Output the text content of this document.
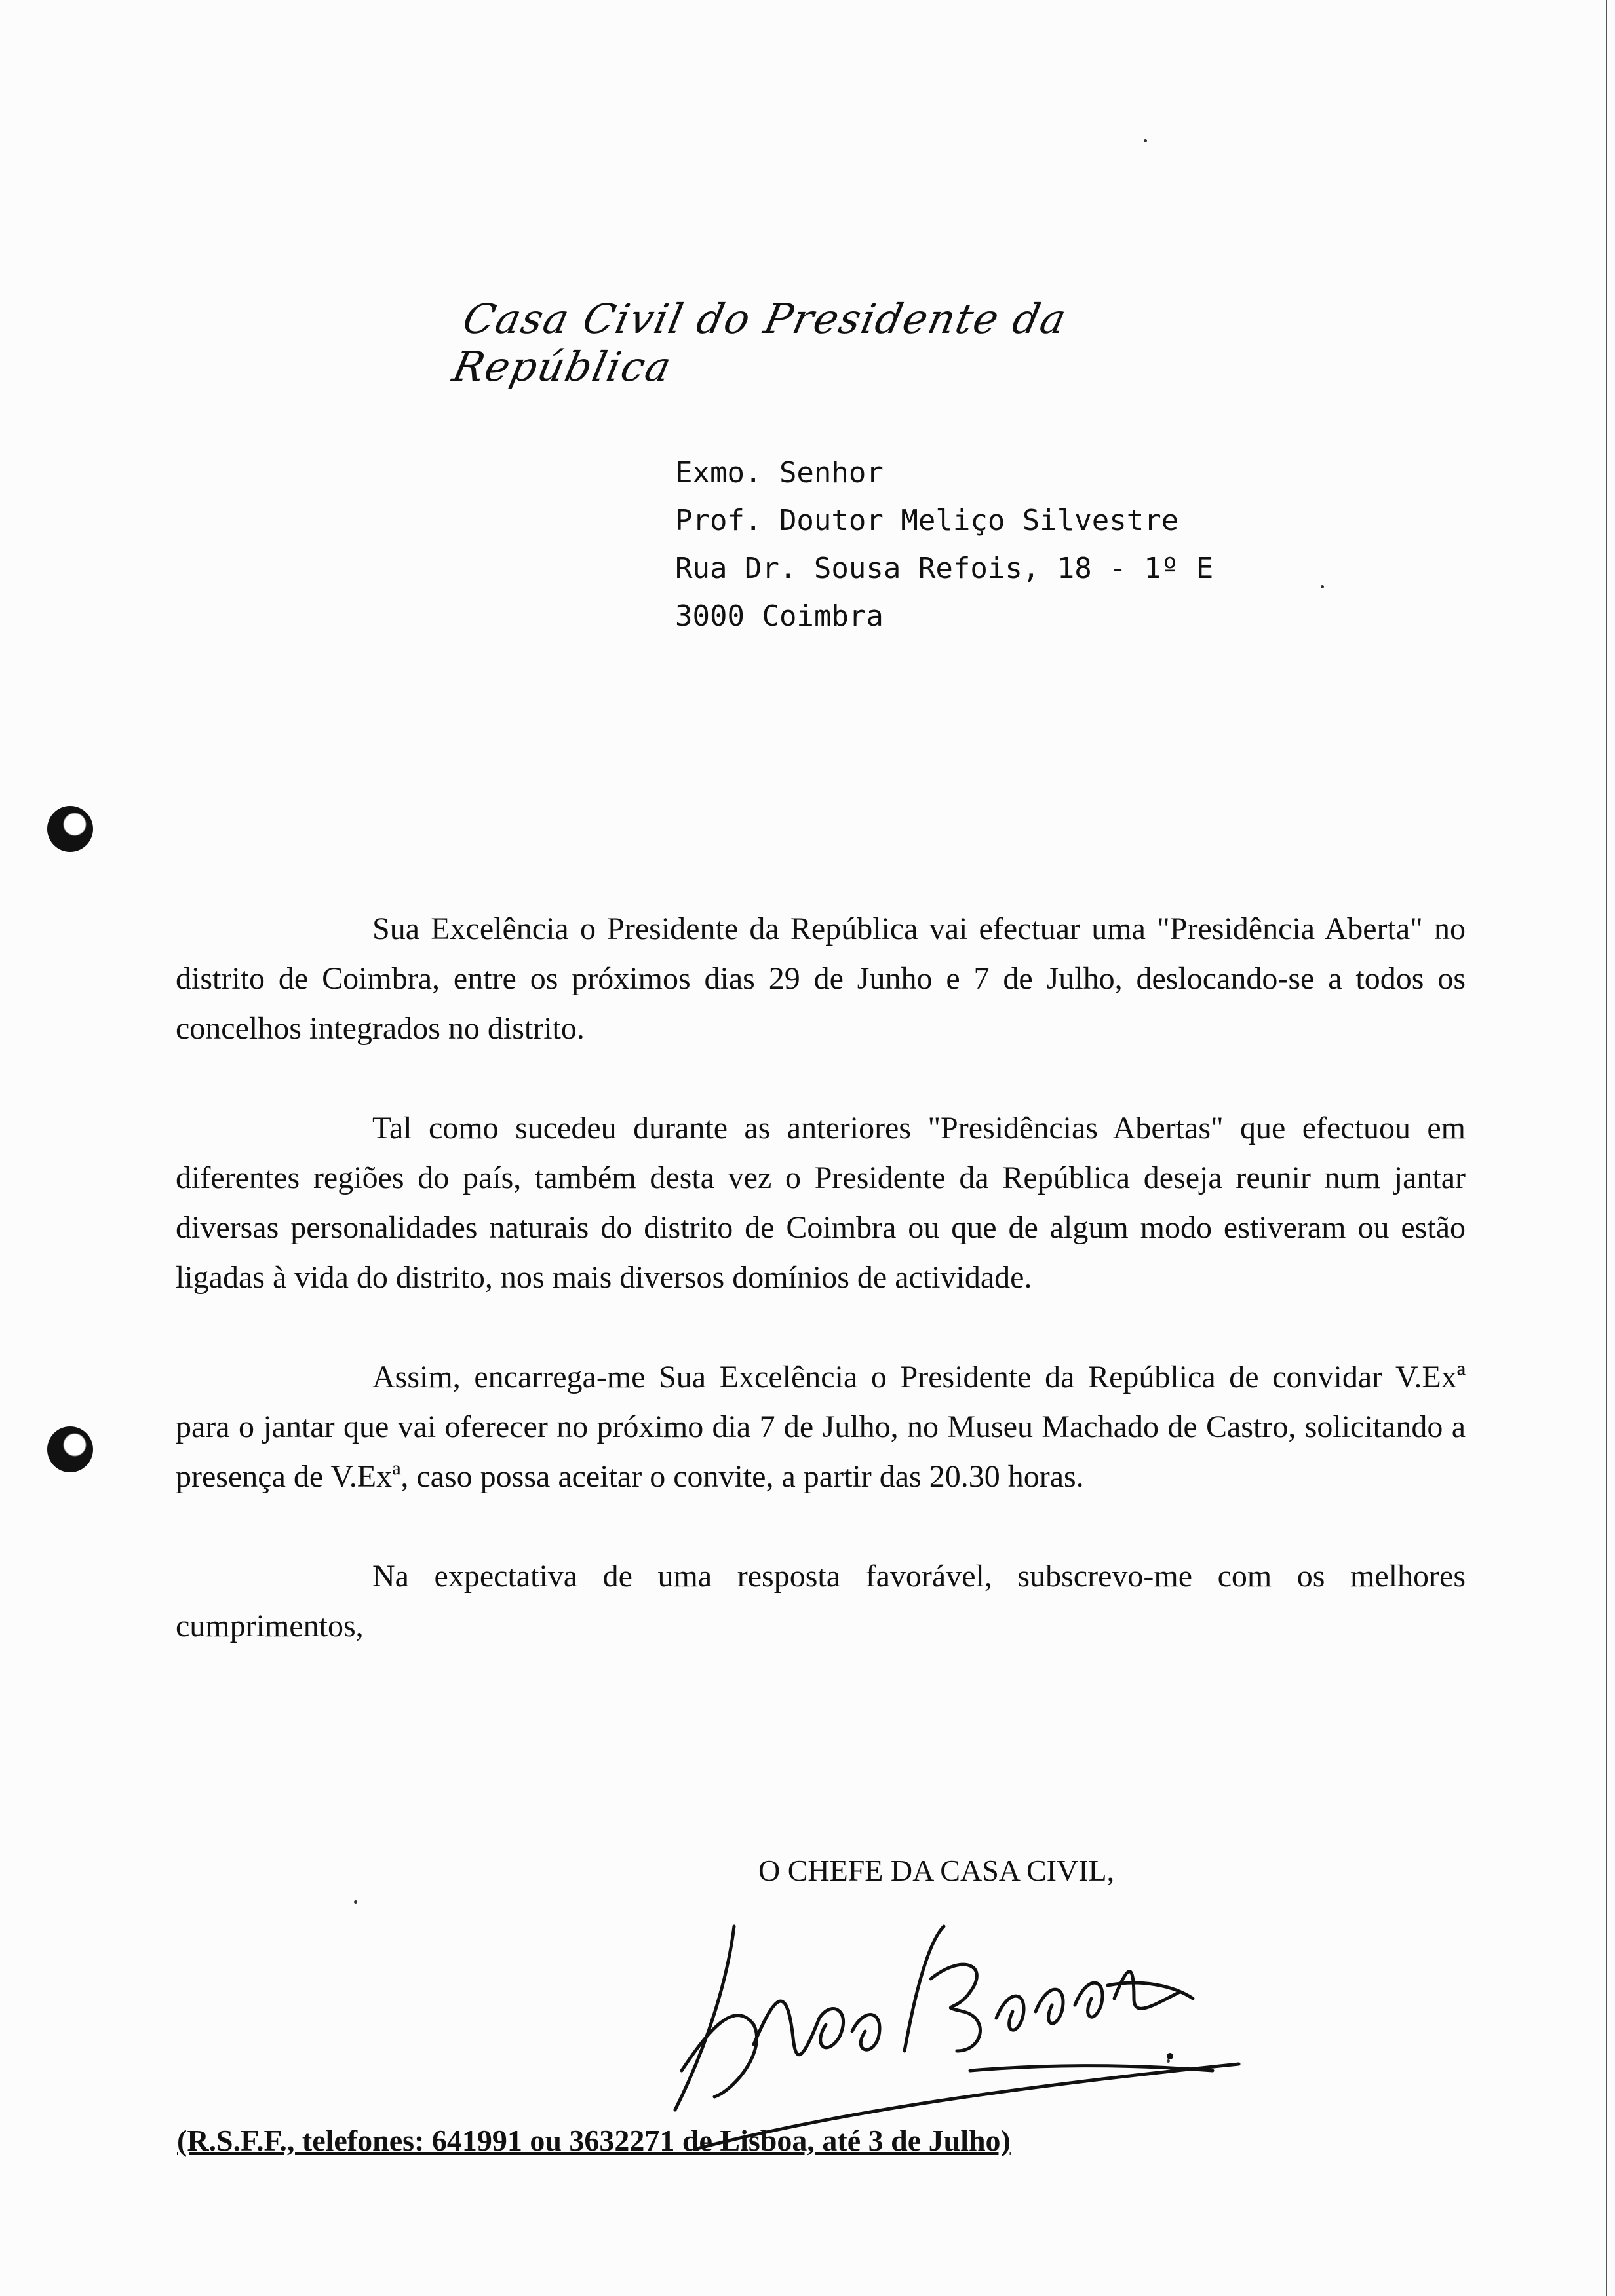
Casa Civil do Presidente da República
Exmo. Senhor
Prof. Doutor Meliço Silvestre
Rua Dr. Sousa Refois, 18 - 1º E
3000 Coimbra

Sua Excelência o Presidente da República vai efectuar uma "Presidência Aberta" no distrito de Coimbra, entre os próximos dias 29 de Junho e 7 de Julho, deslocando-se a todos os concelhos integrados no distrito.

Tal como sucedeu durante as anteriores "Presidências Abertas" que efectuou em diferentes regiões do país, também desta vez o Presidente da República deseja reunir num jantar diversas personalidades naturais do distrito de Coimbra ou que de algum modo estiveram ou estão ligadas à vida do distrito, nos mais diversos domínios de actividade.

Assim, encarrega-me Sua Excelência o Presidente da República de convidar V.Exª para o jantar que vai oferecer no próximo dia 7 de Julho, no Museu Machado de Castro, solicitando a presença de V.Exª, caso possa aceitar o convite, a partir das 20.30 horas.

Na expectativa de uma resposta favorável, subscrevo-me com os melhores cumprimentos,

O CHEFE DA CASA CIVIL,
(R.S.F.F., telefones: 641991 ou 3632271 de Lisboa, até 3 de Julho)
